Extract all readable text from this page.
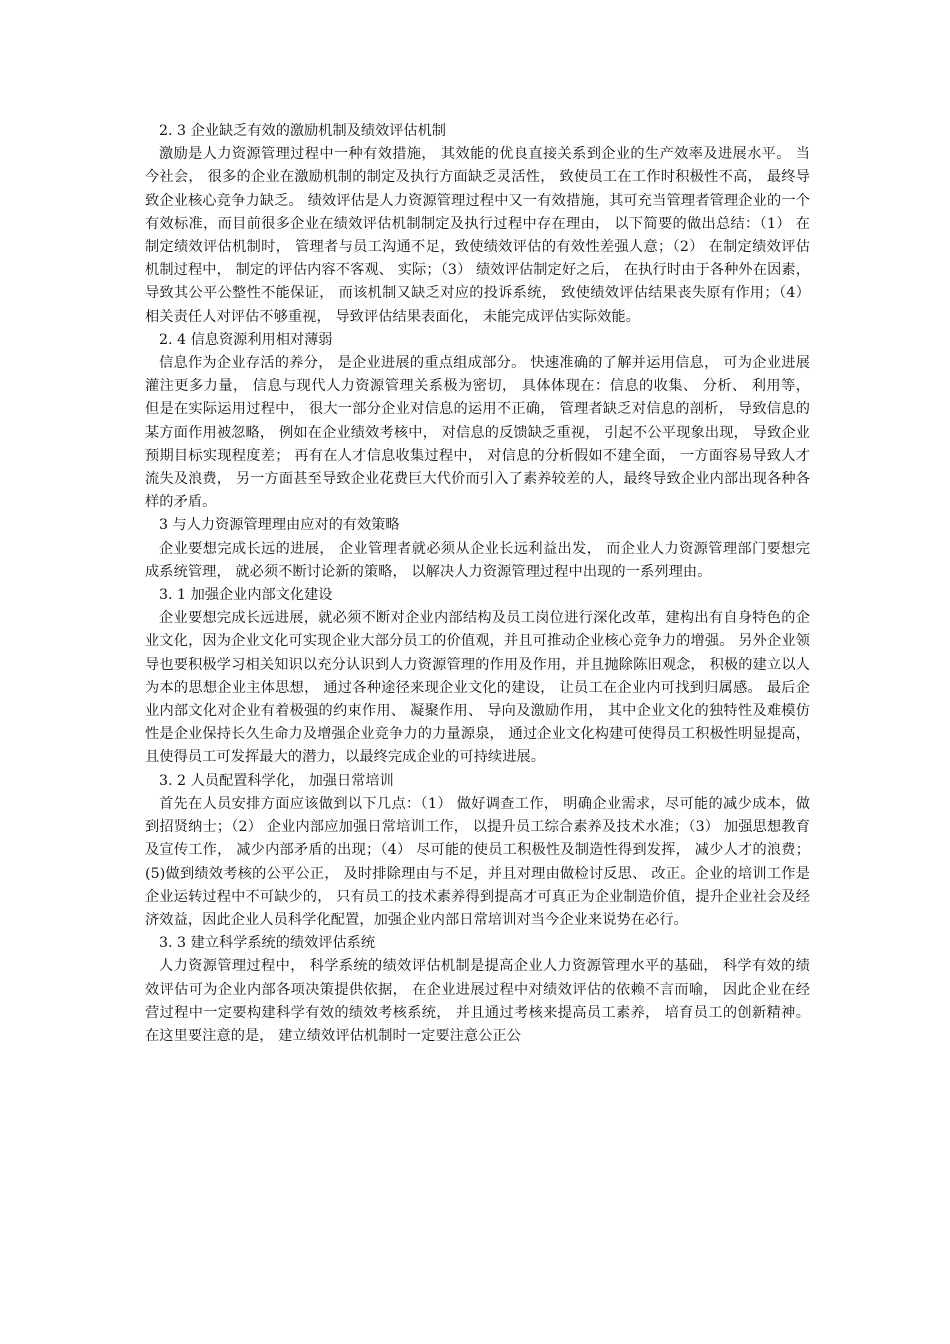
2. 3 企业缺乏有效的激励机制及绩效评估机制

激励是人力资源管理过程中一种有效措施， 其效能的优良直接关系到企业的生产效率及进展水平。 当今社会， 很多的企业在激励机制的制定及执行方面缺乏灵活性， 致使员工在工作时积极性不高， 最终导致企业核心竞争力缺乏。 绩效评估是人力资源管理过程中又一有效措施，其可充当管理者管理企业的一个有效标准，而目前很多企业在绩效评估机制制定及执行过程中存在理由， 以下简要的做出总结：（1） 在制定绩效评估机制时， 管理者与员工沟通不足，致使绩效评估的有效性差强人意；（2） 在制定绩效评估机制过程中， 制定的评估内容不客观、 实际；（3） 绩效评估制定好之后， 在执行时由于各种外在因素， 导致其公平公整性不能保证， 而该机制又缺乏对应的投诉系统， 致使绩效评估结果丧失原有作用；（4） 相关责任人对评估不够重视， 导致评估结果表面化， 未能完成评估实际效能。

2. 4 信息资源利用相对薄弱

信息作为企业存活的养分， 是企业进展的重点组成部分。 快速准确的了解并运用信息， 可为企业进展灌注更多力量， 信息与现代人力资源管理关系极为密切， 具体体现在：信息的收集、 分析、 利用等， 但是在实际运用过程中， 很大一部分企业对信息的运用不正确， 管理者缺乏对信息的剖析， 导致信息的某方面作用被忽略， 例如在企业绩效考核中， 对信息的反馈缺乏重视， 引起不公平现象出现， 导致企业预期目标实现程度差； 再有在人才信息收集过程中， 对信息的分析假如不建全面， 一方面容易导致人才流失及浪费， 另一方面甚至导致企业花费巨大代价而引入了素养较差的人，最终导致企业内部出现各种各样的矛盾。

3 与人力资源管理理由应对的有效策略

企业要想完成长远的进展， 企业管理者就必须从企业长远利益出发， 而企业人力资源管理部门要想完成系统管理， 就必须不断讨论新的策略， 以解决人力资源管理过程中出现的一系列理由。

3. 1 加强企业内部文化建设

企业要想完成长远进展，就必须不断对企业内部结构及员工岗位进行深化改革，建构出有自身特色的企业文化，因为企业文化可实现企业大部分员工的价值观，并且可推动企业核心竞争力的增强。 另外企业领导也要积极学习相关知识以充分认识到人力资源管理的作用及作用，并且抛除陈旧观念， 积极的建立以人为本的思想企业主体思想， 通过各种途径来现企业文化的建设， 让员工在企业内可找到归属感。 最后企业内部文化对企业有着极强的约束作用、 凝聚作用、 导向及激励作用， 其中企业文化的独特性及难模仿性是企业保持长久生命力及增强企业竞争力的力量源泉， 通过企业文化构建可使得员工积极性明显提高， 且使得员工可发挥最大的潜力，以最终完成企业的可持续进展。

3. 2 人员配置科学化， 加强日常培训

首先在人员安排方面应该做到以下几点：（1） 做好调查工作， 明确企业需求，尽可能的减少成本，做到招贤纳士；（2） 企业内部应加强日常培训工作， 以提升员工综合素养及技术水准；（3） 加强思想教育及宣传工作， 减少内部矛盾的出现；（4） 尽可能的使员工积极性及制造性得到发挥， 减少人才的浪费； (5)做到绩效考核的公平公正， 及时排除理由与不足，并且对理由做检讨反思、 改正。企业的培训工作是企业运转过程中不可缺少的， 只有员工的技术素养得到提高才可真正为企业制造价值，提升企业社会及经济效益，因此企业人员科学化配置，加强企业内部日常培训对当今企业来说势在必行。

3. 3 建立科学系统的绩效评估系统

人力资源管理过程中， 科学系统的绩效评估机制是提高企业人力资源管理水平的基础， 科学有效的绩效评估可为企业内部各项决策提供依据， 在企业进展过程中对绩效评估的依赖不言而喻， 因此企业在经营过程中一定要构建科学有效的绩效考核系统， 并且通过考核来提高员工素养， 培育员工的创新精神。 在这里要注意的是， 建立绩效评估机制时一定要注意公正公
